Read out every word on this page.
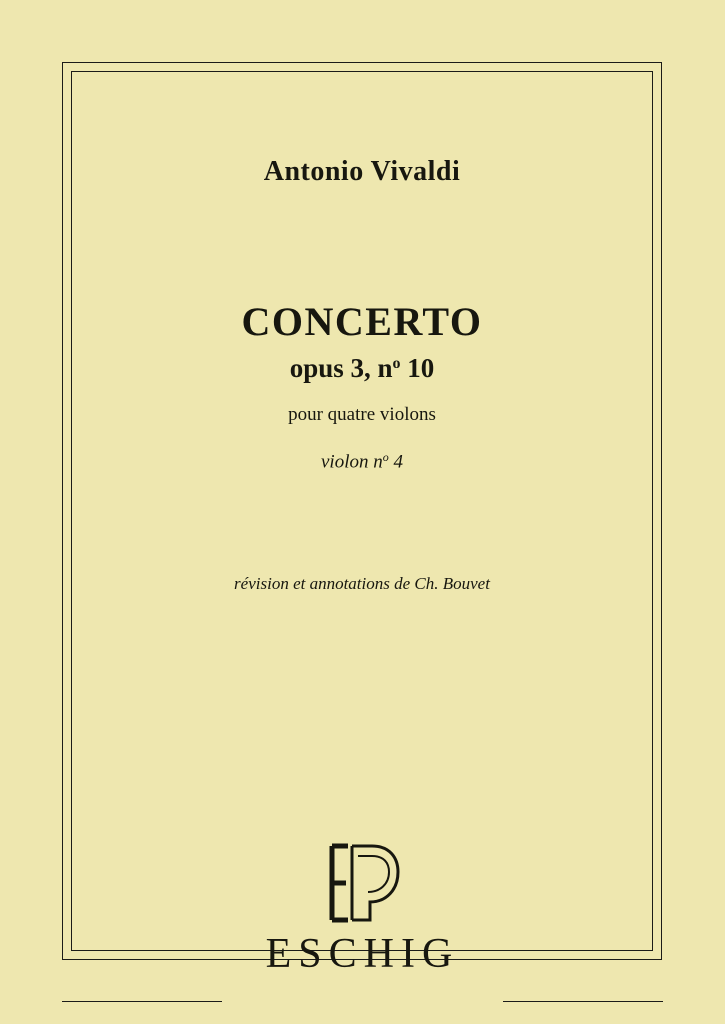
Antonio Vivaldi
CONCERTO
opus 3, $n^o$ 10
pour quatre violons
violon $n^o$ 4
révision et annotations de Ch. Bouvet
ESCHIG
